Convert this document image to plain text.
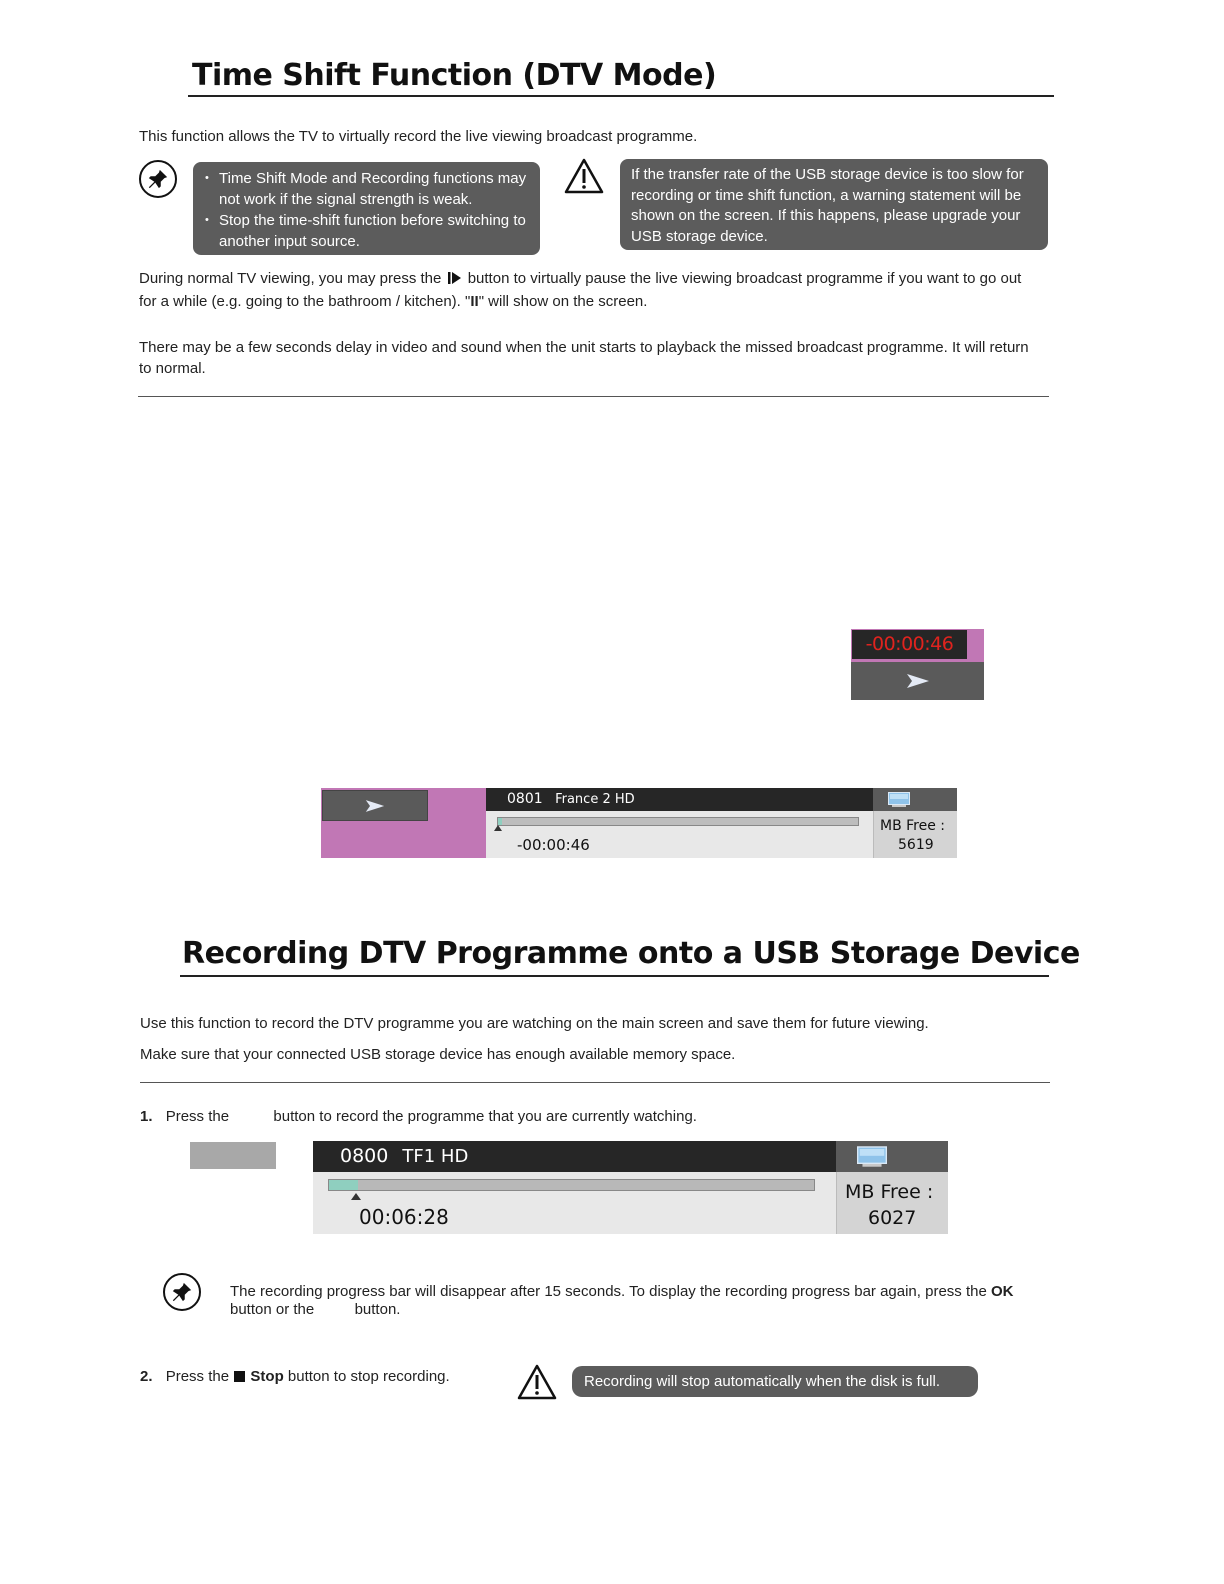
Time Shift Function (DTV Mode)
This function allows the TV to virtually record the live viewing broadcast programme.
• Time Shift Mode and Recording functions may not work if the signal strength is weak.
• Stop the time-shift function before switching to another input source.
If the transfer rate of the USB storage device is too slow for recording or time shift function, a warning statement will be shown on the screen. If this happens, please upgrade your USB storage device.
During normal TV viewing, you may press the button to virtually pause the live viewing broadcast programme if you want to go out for a while (e.g. going to the bathroom / kitchen). "II" will show on the screen.
There may be a few seconds delay in video and sound when the unit starts to playback the missed broadcast programme. It will return to normal.
-00:00:46
0801 France 2 HD
-00:00:46
MB Free :
5619
Recording DTV Programme onto a USB Storage Device
Use this function to record the DTV programme you are watching on the main screen and save them for future viewing.
Make sure that your connected USB storage device has enough available memory space.
1. Press the	button to record the programme that you are currently watching.
0800 TF1 HD
00:06:28
MB Free :
6027
The recording progress bar will disappear after 15 seconds. To display the recording progress bar again, press the OK
button or the	button.
2. Press the Stop button to stop recording.	Recording will stop automatically when the disk is full.
